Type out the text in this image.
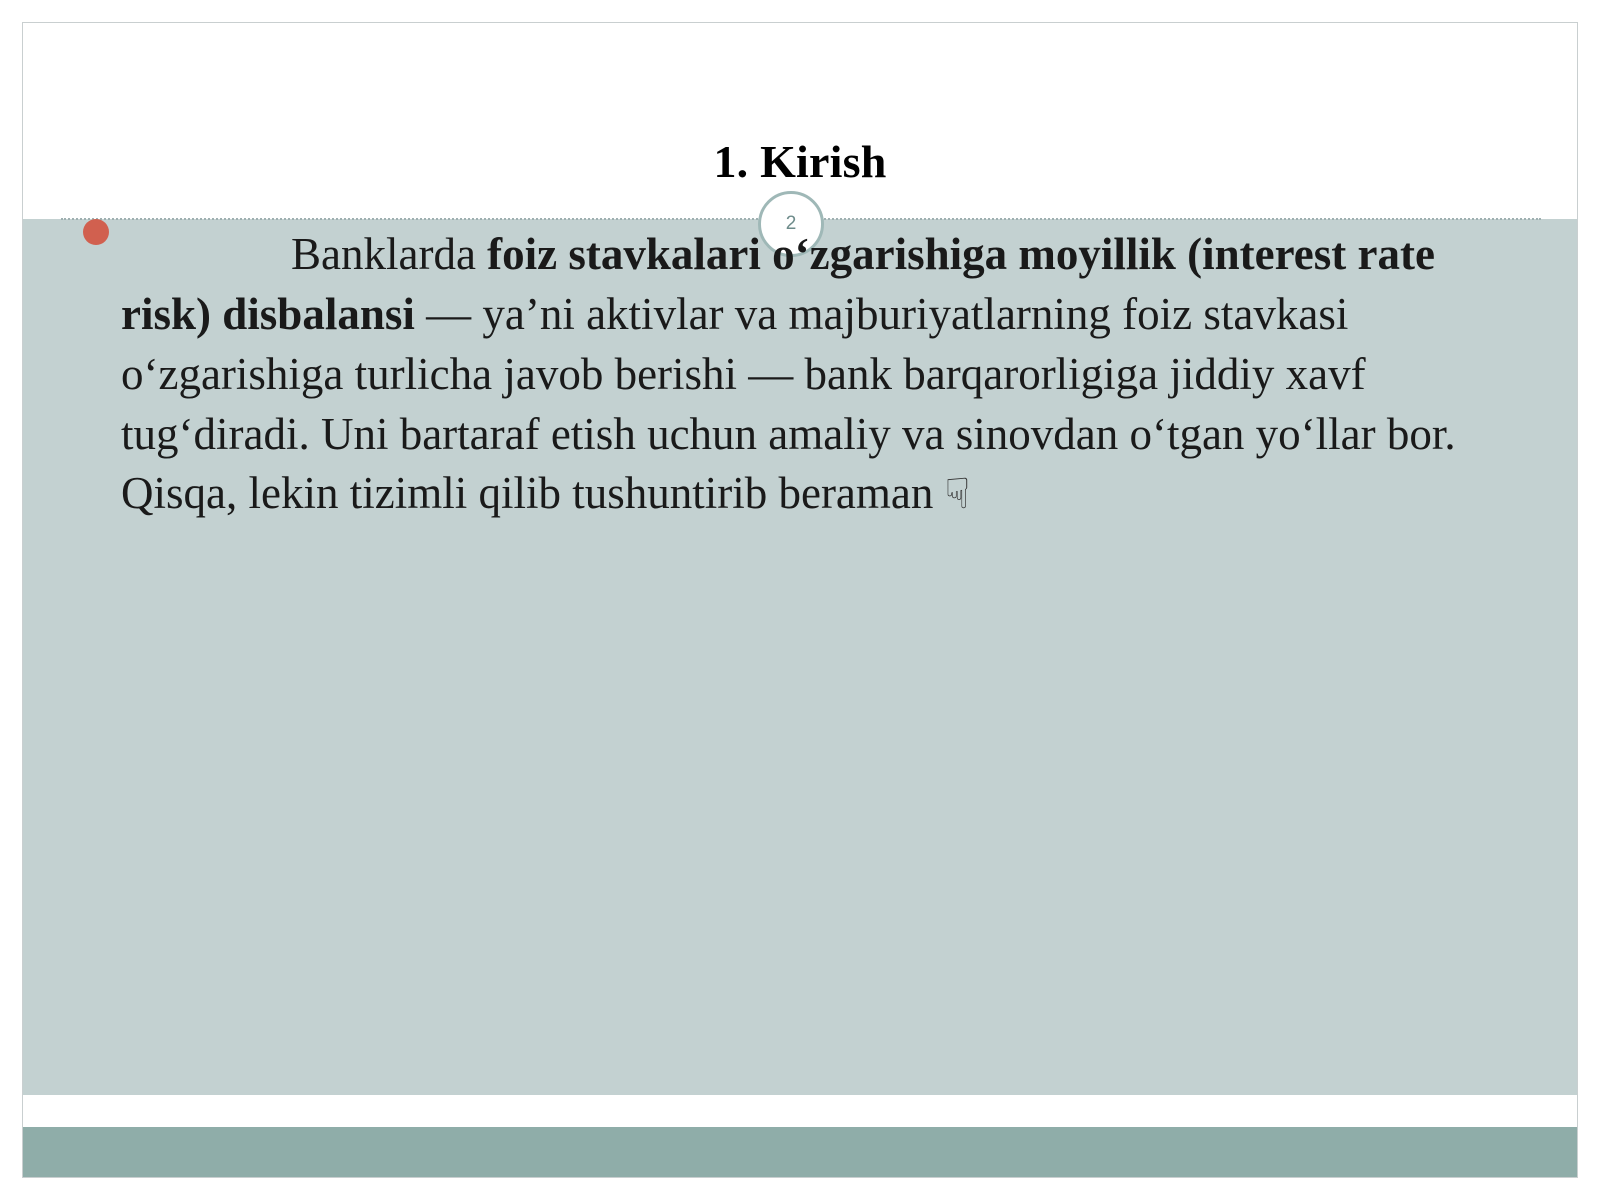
1. Kirish
2
Banklarda foiz stavkalari o‘zgarishiga moyillik (interest rate risk) disbalansi — ya’ni aktivlar va majburiyatlarning foiz stavkasi o‘zgarishiga turlicha javob berishi — bank barqarorligiga jiddiy xavf tug‘diradi. Uni bartaraf etish uchun amaliy va sinovdan o‘tgan yo‘llar bor. Qisqa, lekin tizimli qilib tushuntirib beraman ☟
